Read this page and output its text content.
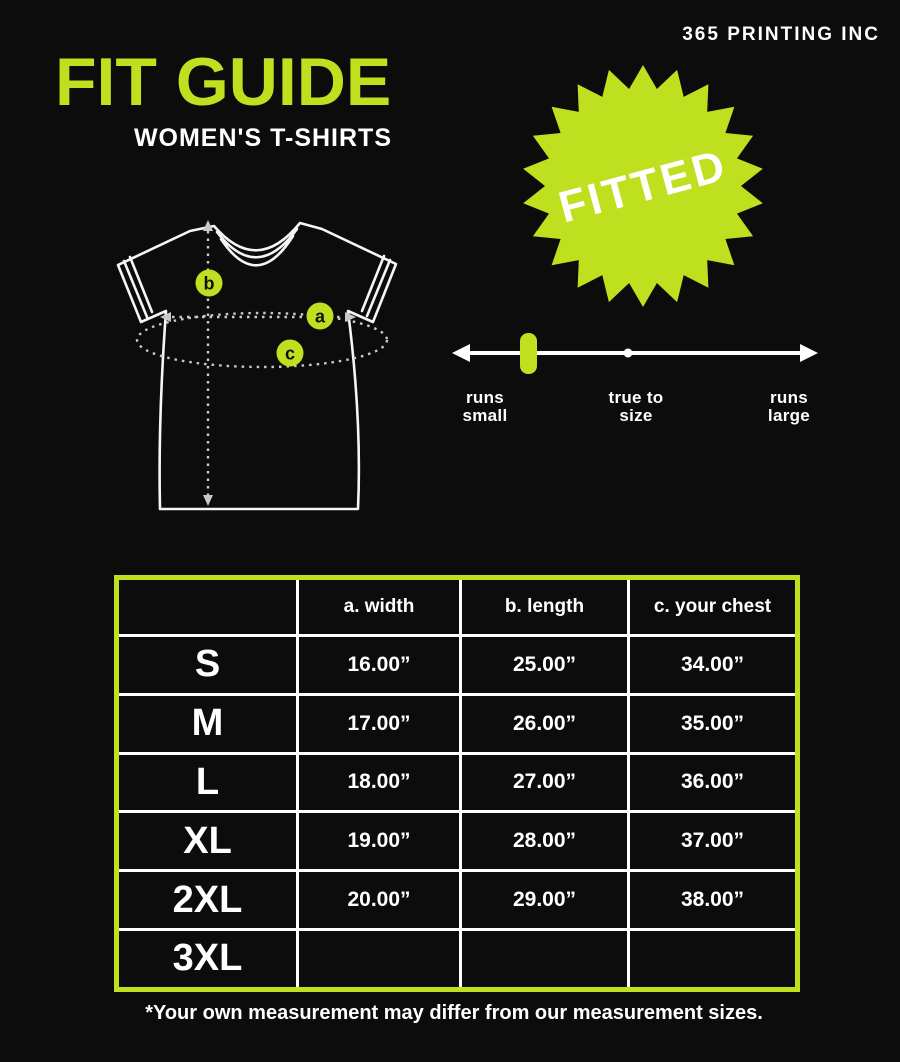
365 PRINTING INC
FIT GUIDE
WOMEN'S T-SHIRTS
FITTED
b
a
c
runs
small
true to
size
runs
large
	a. width	b. length	c. your chest
S	16.00”	25.00”	34.00”
M	17.00”	26.00”	35.00”
L	18.00”	27.00”	36.00”
XL	19.00”	28.00”	37.00”
2XL	20.00”	29.00”	38.00”
3XL			
*Your own measurement may differ from our measurement sizes.
